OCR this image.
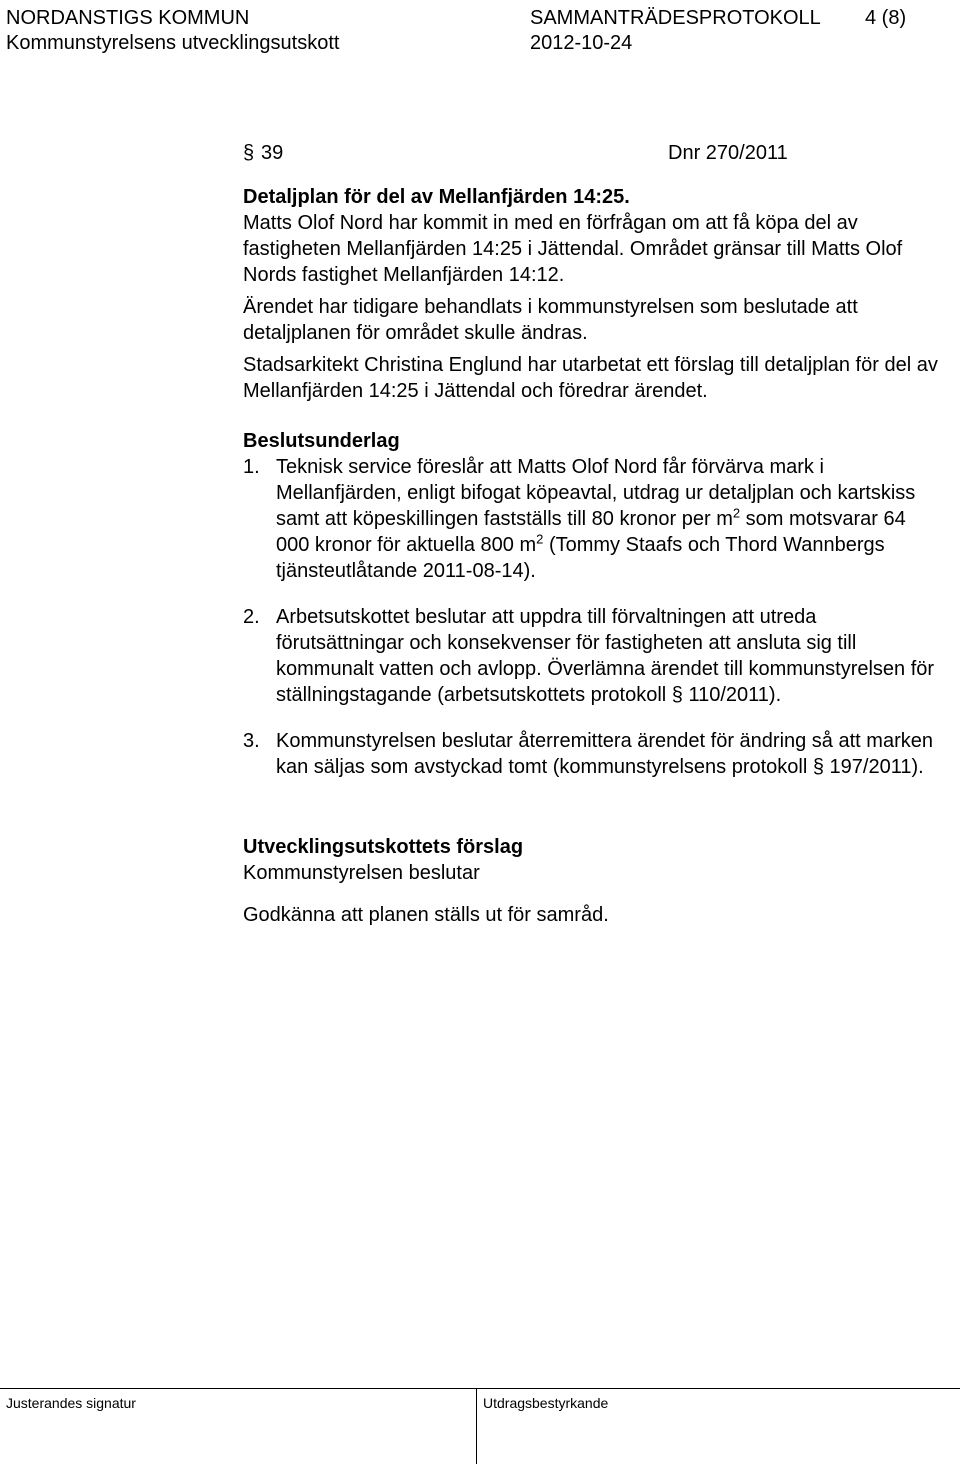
NORDANSTIGS KOMMUN	SAMMANTRÄDESPROTOKOLL 4 (8)
Kommunstyrelsens utvecklingsutskott	2012-10-24
§ 39	Dnr 270/2011

Detaljplan för del av Mellanfjärden 14:25.

Matts Olof Nord har kommit in med en förfrågan om att få köpa del av fastigheten Mellanfjärden 14:25 i Jättendal. Området gränsar till Matts Olof Nords fastighet Mellanfjärden 14:12.

Ärendet har tidigare behandlats i kommunstyrelsen som beslutade att detaljplanen för området skulle ändras.

Stadsarkitekt Christina Englund har utarbetat ett förslag till detaljplan för del av Mellanfjärden 14:25 i Jättendal och föredrar ärendet.

Beslutsunderlag

1. Teknisk service föreslår att Matts Olof Nord får förvärva mark i Mellanfjärden, enligt bifogat köpeavtal, utdrag ur detaljplan och kartskiss samt att köpeskillingen fastställs till 80 kronor per $m^2$ som motsvarar 64 000 kronor för aktuella 800 $m^2$ (Tommy Staafs och Thord Wannbergs tjänsteutlåtande 2011-08-14).
2. Arbetsutskottet beslutar att uppdra till förvaltningen att utreda förutsättningar och konsekvenser för fastigheten att ansluta sig till kommunalt vatten och avlopp. Överlämna ärendet till kommunstyrelsen för ställningstagande (arbetsutskottets protokoll § 110/2011).
3. Kommunstyrelsen beslutar återremittera ärendet för ändring så att marken kan säljas som avstyckad tomt (kommunstyrelsens protokoll § 197/2011).

Utvecklingsutskottets förslag

Kommunstyrelsen beslutar

Godkänna att planen ställs ut för samråd.

Justerandes signatur	Utdragsbestyrkande
